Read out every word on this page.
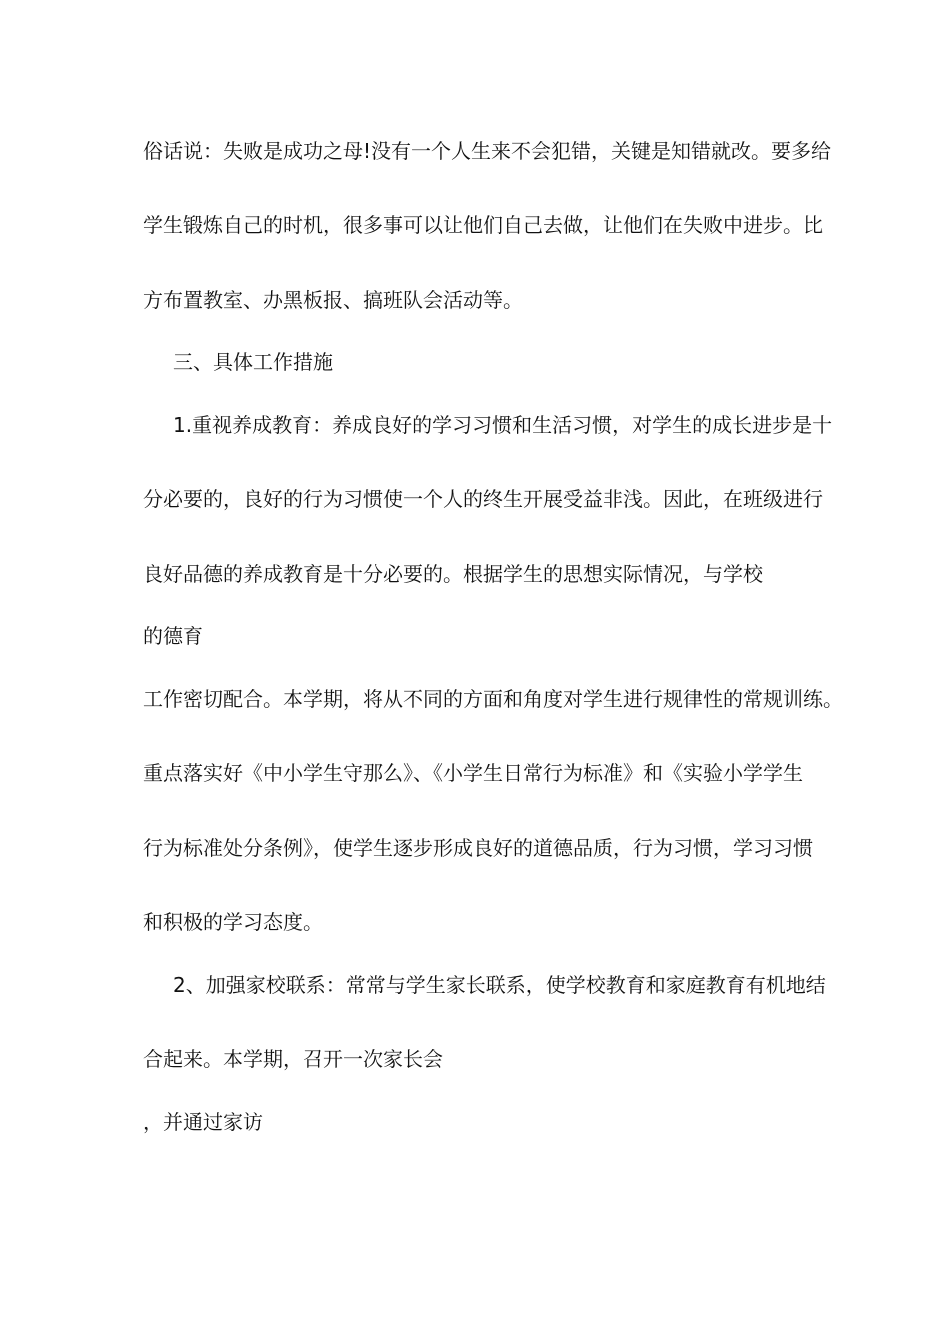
俗话说：失败是成功之母!没有一个人生来不会犯错，关键是知错就改。要多给
学生锻炼自己的时机，很多事可以让他们自己去做，让他们在失败中进步。比
方布置教室、办黑板报、搞班队会活动等。
三、具体工作措施
1.重视养成教育：养成良好的学习习惯和生活习惯，对学生的成长进步是十
分必要的，良好的行为习惯使一个人的终生开展受益非浅。因此，在班级进行
良好品德的养成教育是十分必要的。根据学生的思想实际情况，与学校
的德育
工作密切配合。本学期，将从不同的方面和角度对学生进行规律性的常规训练。
重点落实好《中小学生守那么》、《小学生日常行为标准》和《实验小学学生
行为标准处分条例》，使学生逐步形成良好的道德品质，行为习惯，学习习惯
和积极的学习态度。
2、加强家校联系：常常与学生家长联系，使学校教育和家庭教育有机地结
合起来。本学期，召开一次家长会
，并通过家访
